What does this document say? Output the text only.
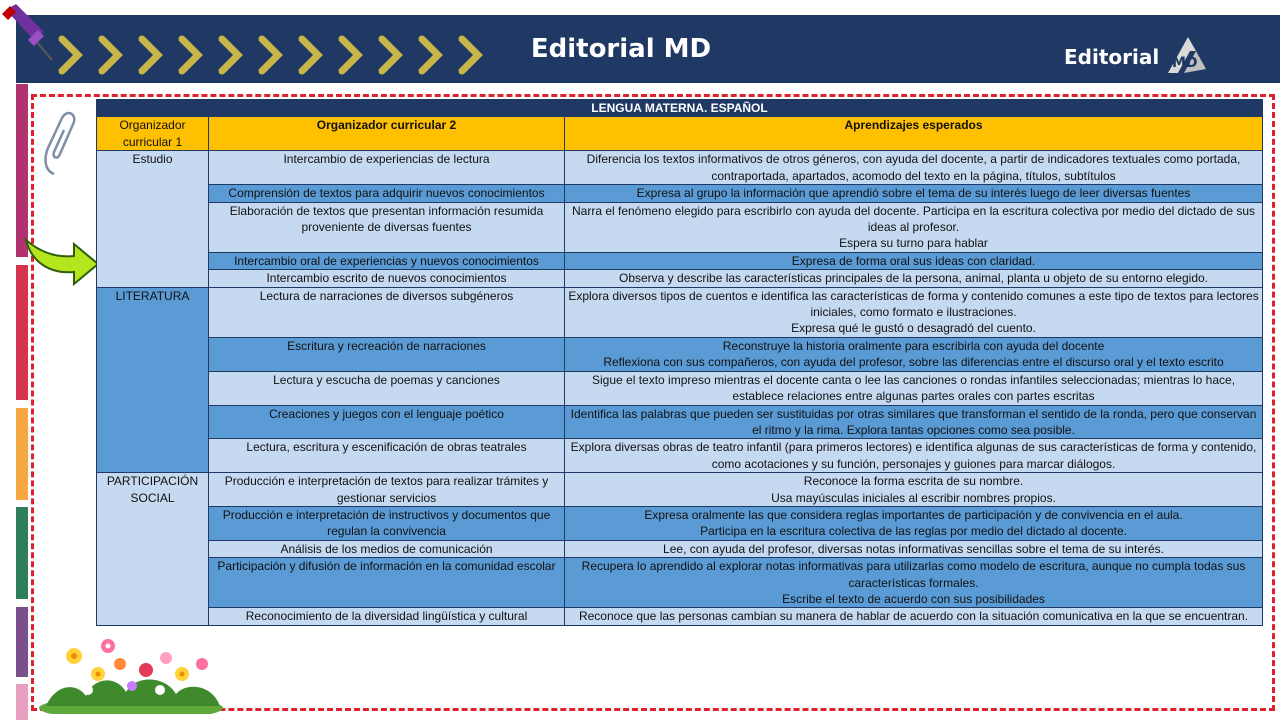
Editorial MD	Editorial MD
LENGUA MATERNA. ESPAÑOL		
Organizador curricular 1	Organizador curricular 2	Aprendizajes esperados
Estudio	Intercambio de experiencias de lectura	Diferencia los textos informativos de otros géneros, con ayuda del docente, a partir de indicadores textuales como portada, contraportada, apartados, acomodo del texto en la página, títulos, subtítulos
	Comprensión de textos para adquirir nuevos conocimientos	Expresa al grupo la información que aprendió sobre el tema de su interés luego de leer diversas fuentes
	Elaboración de textos que presentan información resumida proveniente de diversas fuentes	Narra el fenómeno elegido para escribirlo con ayuda del docente. Participa en la escritura colectiva por medio del dictado de sus ideas al profesor.
Espera su turno para hablar
	Intercambio oral de experiencias y nuevos conocimientos	Expresa de forma oral sus ideas con claridad.
	Intercambio escrito de nuevos conocimientos	Observa y describe las características principales de la persona, animal, planta u objeto de su entorno elegido.
LITERATURA	Lectura de narraciones de diversos subgéneros	Explora diversos tipos de cuentos e identifica las características de forma y contenido comunes a este tipo de textos para lectores iniciales, como formato e ilustraciones.
Expresa qué le gustó o desagradó del cuento.
	Escritura y recreación de narraciones	Reconstruye la historia oralmente para escribirla con ayuda del docente
Reflexiona con sus compañeros, con ayuda del profesor, sobre las diferencias entre el discurso oral y el texto escrito
	Lectura y escucha de poemas y canciones	Sigue el texto impreso mientras el docente canta o lee las canciones o rondas infantiles seleccionadas; mientras lo hace, establece relaciones entre algunas partes orales con partes escritas
	Creaciones y juegos con el lenguaje poético	Identifica las palabras que pueden ser sustituidas por otras similares que transforman el sentido de la ronda, pero que conservan el ritmo y la rima. Explora tantas opciones como sea posible.
	Lectura, escritura y escenificación de obras teatrales	Explora diversas obras de teatro infantil (para primeros lectores) e identifica algunas de sus características de forma y contenido, como acotaciones y su función, personajes y guiones para marcar diálogos.
PARTICIPACIÓN SOCIAL	Producción e interpretación de textos para realizar trámites y gestionar servicios	Reconoce la forma escrita de su nombre.
Usa mayúsculas iniciales al escribir nombres propios.
	Producción e interpretación de instructivos y documentos que regulan la convivencia	Expresa oralmente las que considera reglas importantes de participación y de convivencia en el aula.
Participa en la escritura colectiva de las reglas por medio del dictado al docente.
	Análisis de los medios de comunicación	Lee, con ayuda del profesor, diversas notas informativas sencillas sobre el tema de su interés.
	Participación y difusión de información en la comunidad escolar	Recupera lo aprendido al explorar notas informativas para utilizarlas como modelo de escritura, aunque no cumpla todas sus características formales.
Escribe el texto de acuerdo con sus posibilidades
	Reconocimiento de la diversidad lingüística y cultural	Reconoce que las personas cambian su manera de hablar de acuerdo con la situación comunicativa en la que se encuentran.
